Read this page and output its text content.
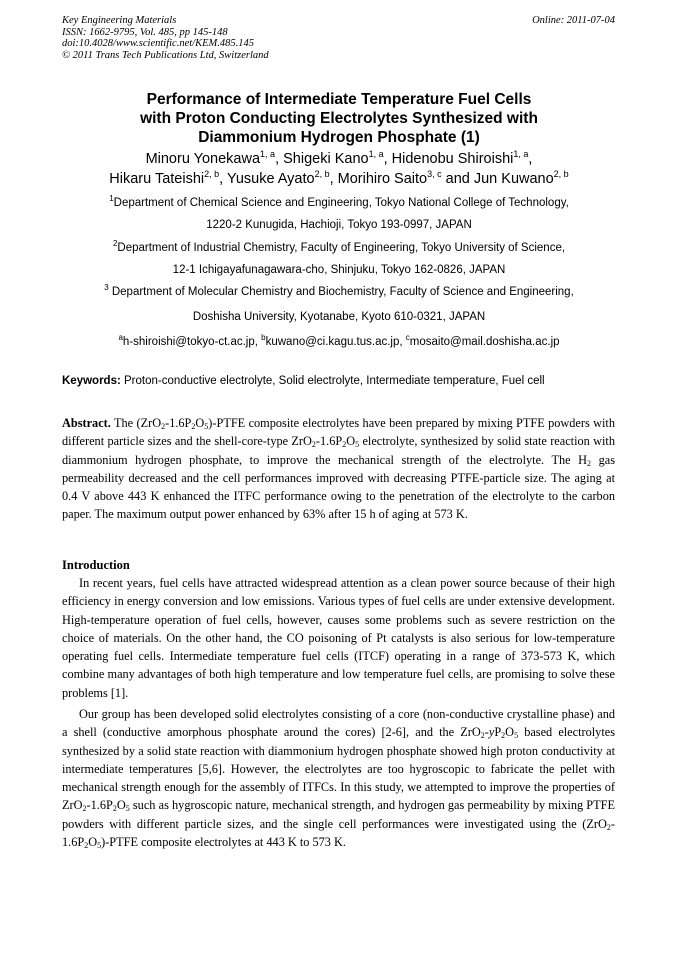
Key Engineering Materials
ISSN: 1662-9795, Vol. 485, pp 145-148
doi:10.4028/www.scientific.net/KEM.485.145
© 2011 Trans Tech Publications Ltd, Switzerland
Online: 2011-07-04
Performance of Intermediate Temperature Fuel Cells
with Proton Conducting Electrolytes Synthesized with
Diammonium Hydrogen Phosphate (1)
Minoru Yonekawa$^{1, a}$, Shigeki Kano$^{1, a}$, Hidenobu Shiroishi$^{1, a}$,
Hikaru Tateishi$^{2, b}$, Yusuke Ayato$^{2, b}$, Morihiro Saito$^{3, c}$ and Jun Kuwano$^{2, b}$
$^1$Department of Chemical Science and Engineering, Tokyo National College of Technology,
1220-2 Kunugida, Hachioji, Tokyo 193-0997, JAPAN
$^2$Department of Industrial Chemistry, Faculty of Engineering, Tokyo University of Science,
12-1 Ichigayafunagawara-cho, Shinjuku, Tokyo 162-0826, JAPAN
$^3$ Department of Molecular Chemistry and Biochemistry, Faculty of Science and Engineering,
Doshisha University, Kyotanabe, Kyoto 610-0321, JAPAN
$^a$h-shiroishi@tokyo-ct.ac.jp, $^b$kuwano@ci.kagu.tus.ac.jp, $^c$mosaito@mail.doshisha.ac.jp
Keywords: Proton-conductive electrolyte, Solid electrolyte, Intermediate temperature, Fuel cell
Abstract. The $(ZrO_2-1.6P_2O_5)$-PTFE composite electrolytes have been prepared by mixing PTFE powders with different particle sizes and the shell-core-type $ZrO_2-1.6P_2O_5$ electrolyte, synthesized by solid state reaction with diammonium hydrogen phosphate, to improve the mechanical strength of the electrolyte. The $H_2$ gas permeability decreased and the cell performances improved with decreasing PTFE-particle size. The aging at 0.4 V above 443 K enhanced the ITFC performance owing to the penetration of the electrolyte to the carbon paper. The maximum output power enhanced by 63% after 15 h of aging at 573 K.
Introduction
In recent years, fuel cells have attracted widespread attention as a clean power source because of their high efficiency in energy conversion and low emissions. Various types of fuel cells are under extensive development. High-temperature operation of fuel cells, however, causes some problems such as severe restriction on the choice of materials. On the other hand, the CO poisoning of Pt catalysts is also serious for low-temperature operating fuel cells. Intermediate temperature fuel cells (ITCF) operating in a range of 373-573 K, which combine many advantages of both high temperature and low temperature fuel cells, are promising to solve these problems [1].
Our group has been developed solid electrolytes consisting of a core (non-conductive crystalline phase) and a shell (conductive amorphous phosphate around the cores) [2-6], and the $ZrO_2-yP_2O_5$ based electrolytes synthesized by a solid state reaction with diammonium hydrogen phosphate showed high proton conductivity at intermediate temperatures [5,6]. However, the electrolytes are too hygroscopic to fabricate the pellet with mechanical strength enough for the assembly of ITFCs. In this study, we attempted to improve the properties of $ZrO_2-1.6P_2O_5$ such as hygroscopic nature, mechanical strength, and hydrogen gas permeability by mixing PTFE powders with different particle sizes, and the single cell performances were investigated using the $(ZrO_2-1.6P_2O_5)$-PTFE composite electrolytes at 443 K to 573 K.
